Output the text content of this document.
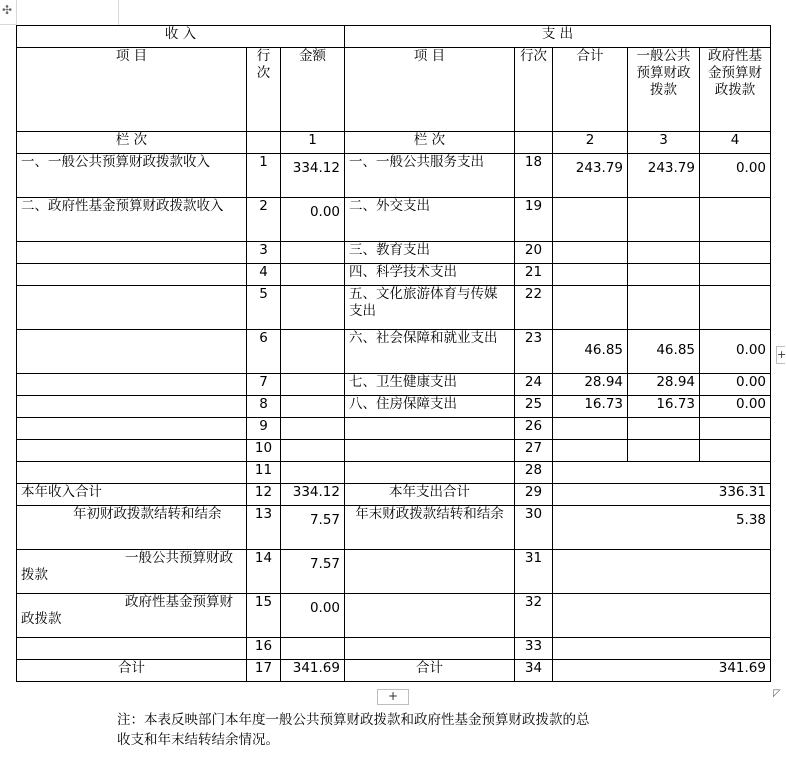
✣
收 入			支 出				
项 目	行次	金额	项 目	行次	合计	一般公共预算财政拨款	政府性基金预算财政拨款
栏 次		1	栏 次		2	3	4
一、一般公共预算财政拨款收入	1	334.12	一、一般公共服务支出	18	243.79	243.79	0.00

二、政府性基金预算财政拨款收入	2	0.00	二、外交支出	19			
	3		三、教育支出	20			
	4		四、科学技术支出	21			
	5		五、文化旅游体育与传媒支出	22			
	6		六、社会保障和就业支出	23	46.85	46.85	0.00

	7		七、卫生健康支出	24	28.94	28.94	0.00
	8		八、住房保障支出	25	16.73	16.73	0.00
	9			26			
	10			27			
	11			28			
本年收入合计	12	334.12	本年支出合计	29	336.31		

年初财政拨款结转和结余	13	7.57	年末财政拨款结转和结余	30	5.38		

一般公共预算财政拨款	14	7.57		31			

政府性基金预算财政拨款	15	0.00		32			
	16			33			
合计	17	341.69	合计	34	341.69		
+
+	◸
注：本表反映部门本年度一般公共预算财政拨款和政府性基金预算财政拨款的总
收支和年末结转结余情况。
